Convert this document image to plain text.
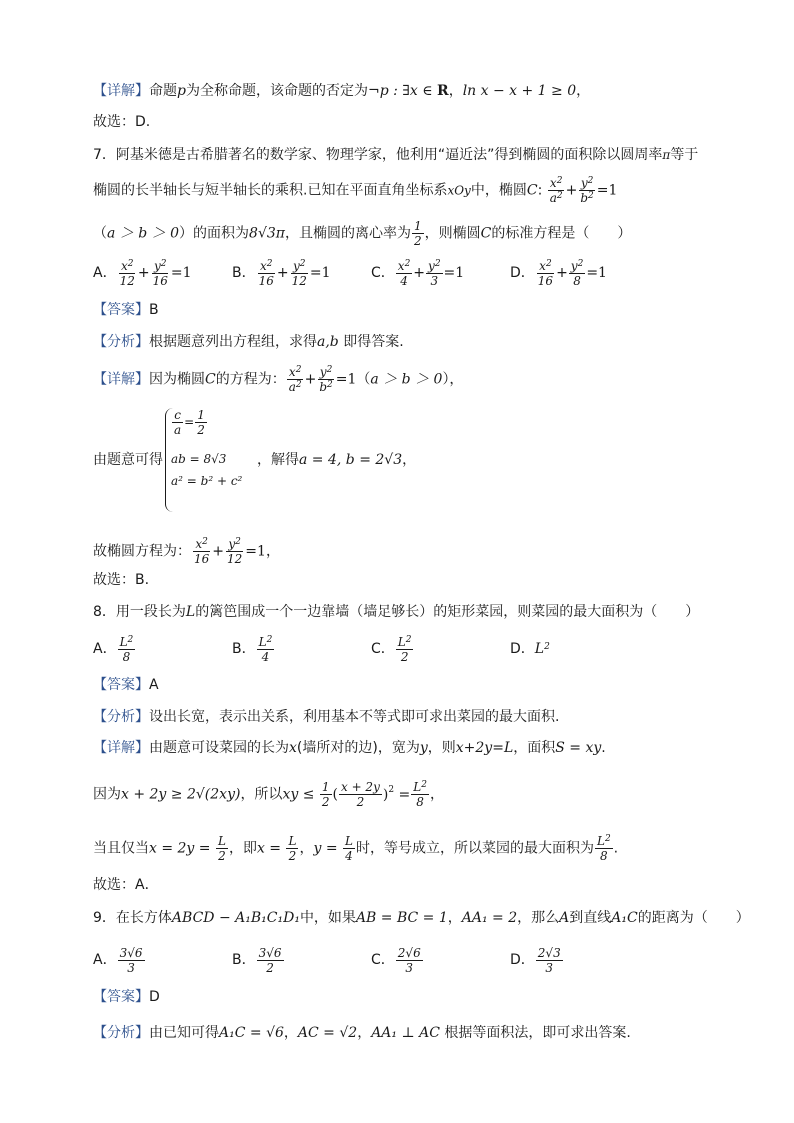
【详解】命题p为全称命题，该命题的否定为¬p : ∃x ∈ R，ln x − x + 1 ≥ 0，
故选：D.
7．阿基米德是古希腊著名的数学家、物理学家，他利用“逼近法”得到椭圆的面积除以圆周率π等于
椭圆的长半轴长与短半轴长的乘积.已知在平面直角坐标系xOy中，椭圆C: $\frac{x^2}{a^2} + \frac{y^2}{b^2} =1$
（a ＞ b ＞ 0）的面积为8√3π，且椭圆的离心率为 $\frac{1}{2}$ ，则椭圆C的标准方程是（　　）
A． $\frac{x^2}{12} + \frac{y^2}{16} =1$	B． $\frac{x^2}{16} + \frac{y^2}{12} =1$	C． $\frac{x^2}{4} + \frac{y^2}{3} =1$	D． $\frac{x^2}{16} + \frac{y^2}{8} =1$
【答案】B
【分析】根据题意列出方程组，求得a,b 即得答案.
【详解】因为椭圆C的方程为： $\frac{x^2}{a^2} + \frac{y^2}{b^2} =1(a > b > 0)$，
由题意可得
$\frac{c}{a} = \frac{1}{2}$
ab = 8√3
a² = b² + c²
，解得a = 4, b = 2√3，
故椭圆方程为： $\frac{x^2}{16} + \frac{y^2}{12} =1$，
故选：B.
8．用一段长为L的篱笆围成一个一边靠墙（墙足够长）的矩形菜园，则菜园的最大面积为（　　）
A． $\frac{L^2}{8}$	B． $\frac{L^2}{4}$	C． $\frac{L^2}{2}$	D．$L^2$
【答案】A
【分析】设出长宽，表示出关系，利用基本不等式即可求出菜园的最大面积.
【详解】由题意可设菜园的长为x(墙所对的边)，宽为y，则x+2y=L，面积S = xy.
因为x + 2y ≥ 2√(2xy)，所以xy ≤ $\frac{1}{2}$ ( $\frac{x + 2y}{2} )^2 = \frac{L^2}{8}$ ，
当且仅当$x = 2y = \frac{L}{2}$ ，即$x = \frac{L}{2}$ ，$y = \frac{L}{4}$ 时，等号成立，所以菜园的最大面积为 $\frac{L^2}{8}$ .
故选：A．
9．在长方体ABCD − A₁B₁C₁D₁中，如果AB = BC = 1，AA₁ = 2，那么A到直线A₁C的距离为（　　）
A． $\frac{3√6}{3}$	B． $\frac{3√6}{2}$	C． $\frac{2√6}{3}$	D． $\frac{2√3}{3}$
【答案】D
【分析】由已知可得A₁C = √6，AC = √2，AA₁ ⊥ AC 根据等面积法，即可求出答案.
